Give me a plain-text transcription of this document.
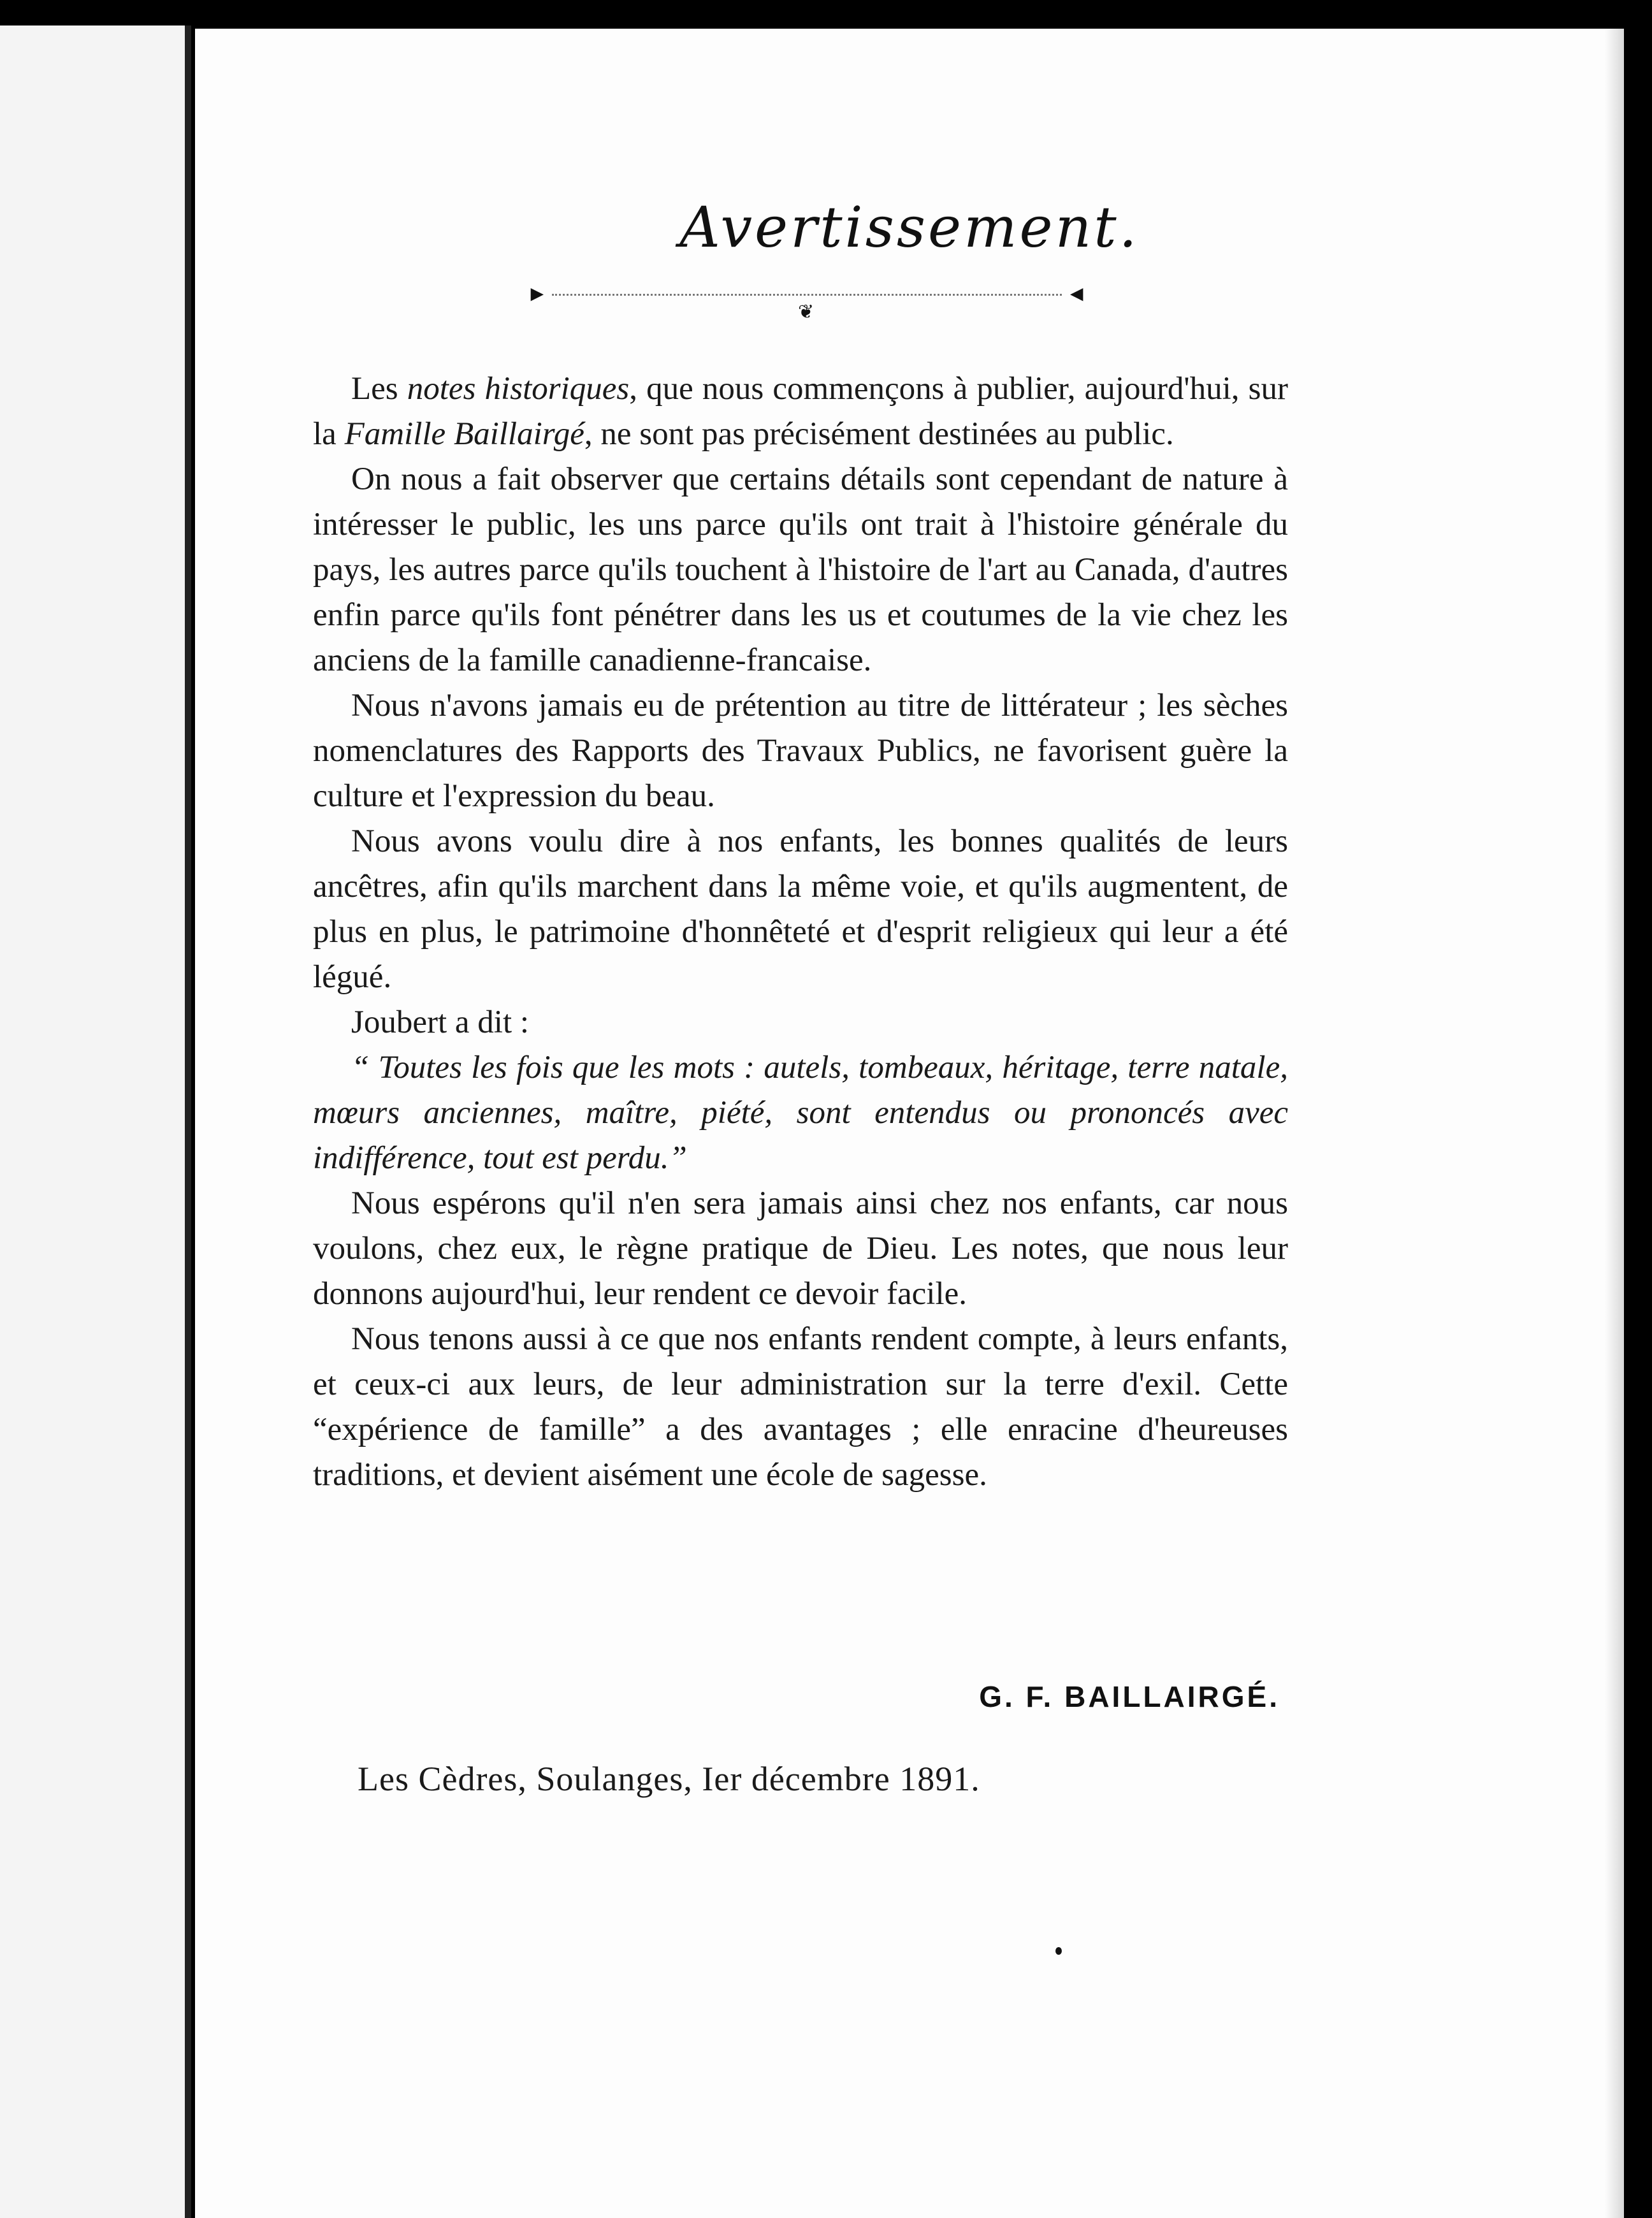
Avertissement.
►
❦
◄

Les notes historiques, que nous commençons à publier, aujourd'hui, sur la Famille Baillairgé, ne sont pas précisément destinées au public.

On nous a fait observer que certains détails sont cependant de nature à intéresser le public, les uns parce qu'ils ont trait à l'histoire générale du pays, les autres parce qu'ils touchent à l'histoire de l'art au Canada, d'autres enfin parce qu'ils font pénétrer dans les us et coutumes de la vie chez les anciens de la famille canadienne-francaise.

Nous n'avons jamais eu de prétention au titre de littérateur ; les sèches nomenclatures des Rapports des Travaux Publics, ne favorisent guère la culture et l'expression du beau.

Nous avons voulu dire à nos enfants, les bonnes qualités de leurs ancêtres, afin qu'ils marchent dans la même voie, et qu'ils augmentent, de plus en plus, le patrimoine d'honnêteté et d'esprit religieux qui leur a été légué.

Joubert a dit :

“ Toutes les fois que les mots : autels, tombeaux, héritage, terre natale, mœurs anciennes, maître, piété, sont entendus ou prononcés avec indifférence, tout est perdu.”

Nous espérons qu'il n'en sera jamais ainsi chez nos enfants, car nous voulons, chez eux, le règne pratique de Dieu. Les notes, que nous leur donnons aujourd'hui, leur rendent ce devoir facile.

Nous tenons aussi à ce que nos enfants rendent compte, à leurs enfants, et ceux-ci aux leurs, de leur administration sur la terre d'exil. Cette “expérience de famille” a des avantages ; elle enracine d'heureuses traditions, et devient aisément une école de sagesse.

G. F. BAILLAIRGÉ.
Les Cèdres, Soulanges, Ier décembre 1891.
